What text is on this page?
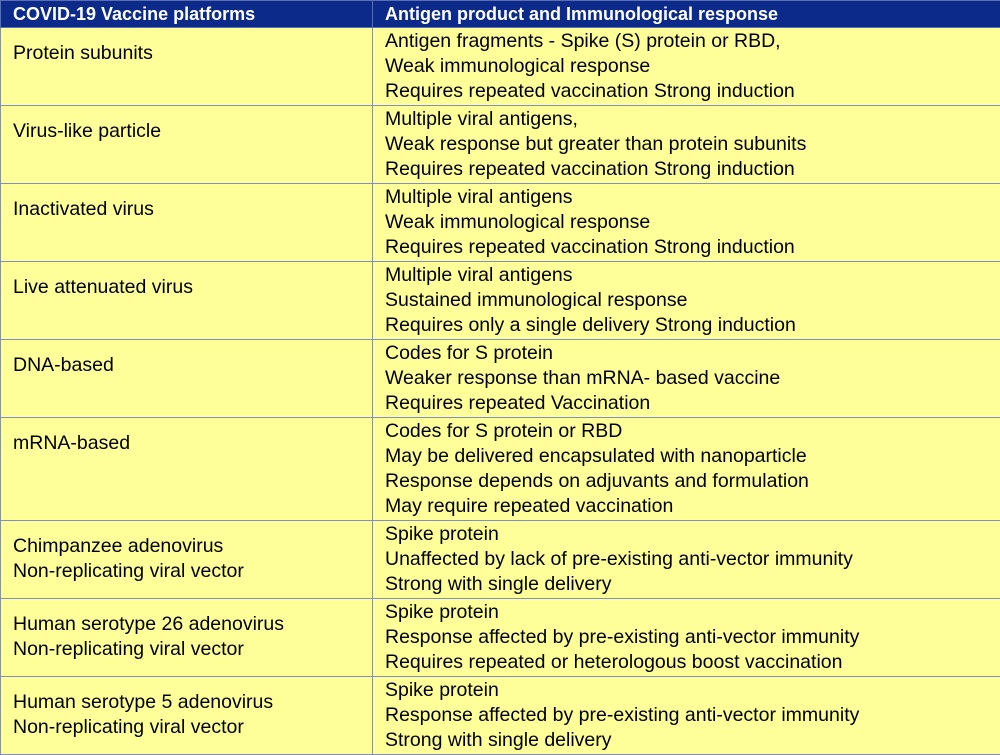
COVID-19 Vaccine platforms	Antigen product and Immunological response

Protein subunits	Antigen fragments - Spike (S) protein or RBD,
Weak immunological response
Requires repeated vaccination Strong induction

Virus-like particle	Multiple viral antigens,
Weak response but greater than protein subunits
Requires repeated vaccination Strong induction

Inactivated virus	Multiple viral antigens
Weak immunological response
Requires repeated vaccination Strong induction

Live attenuated virus	Multiple viral antigens
Sustained immunological response
Requires only a single delivery Strong induction

DNA-based	Codes for S protein
Weaker response than mRNA- based vaccine
Requires repeated Vaccination

mRNA-based	Codes for S protein or RBD
May be delivered encapsulated with nanoparticle
Response depends on adjuvants and formulation
May require repeated vaccination

Chimpanzee adenovirus
Non-replicating viral vector	Spike protein
Unaffected by lack of pre-existing anti-vector immunity
Strong with single delivery

Human serotype 26 adenovirus
Non-replicating viral vector	Spike protein
Response affected by pre-existing anti-vector immunity
Requires repeated or heterologous boost vaccination

Human serotype 5 adenovirus
Non-replicating viral vector	Spike protein
Response affected by pre-existing anti-vector immunity
Strong with single delivery
